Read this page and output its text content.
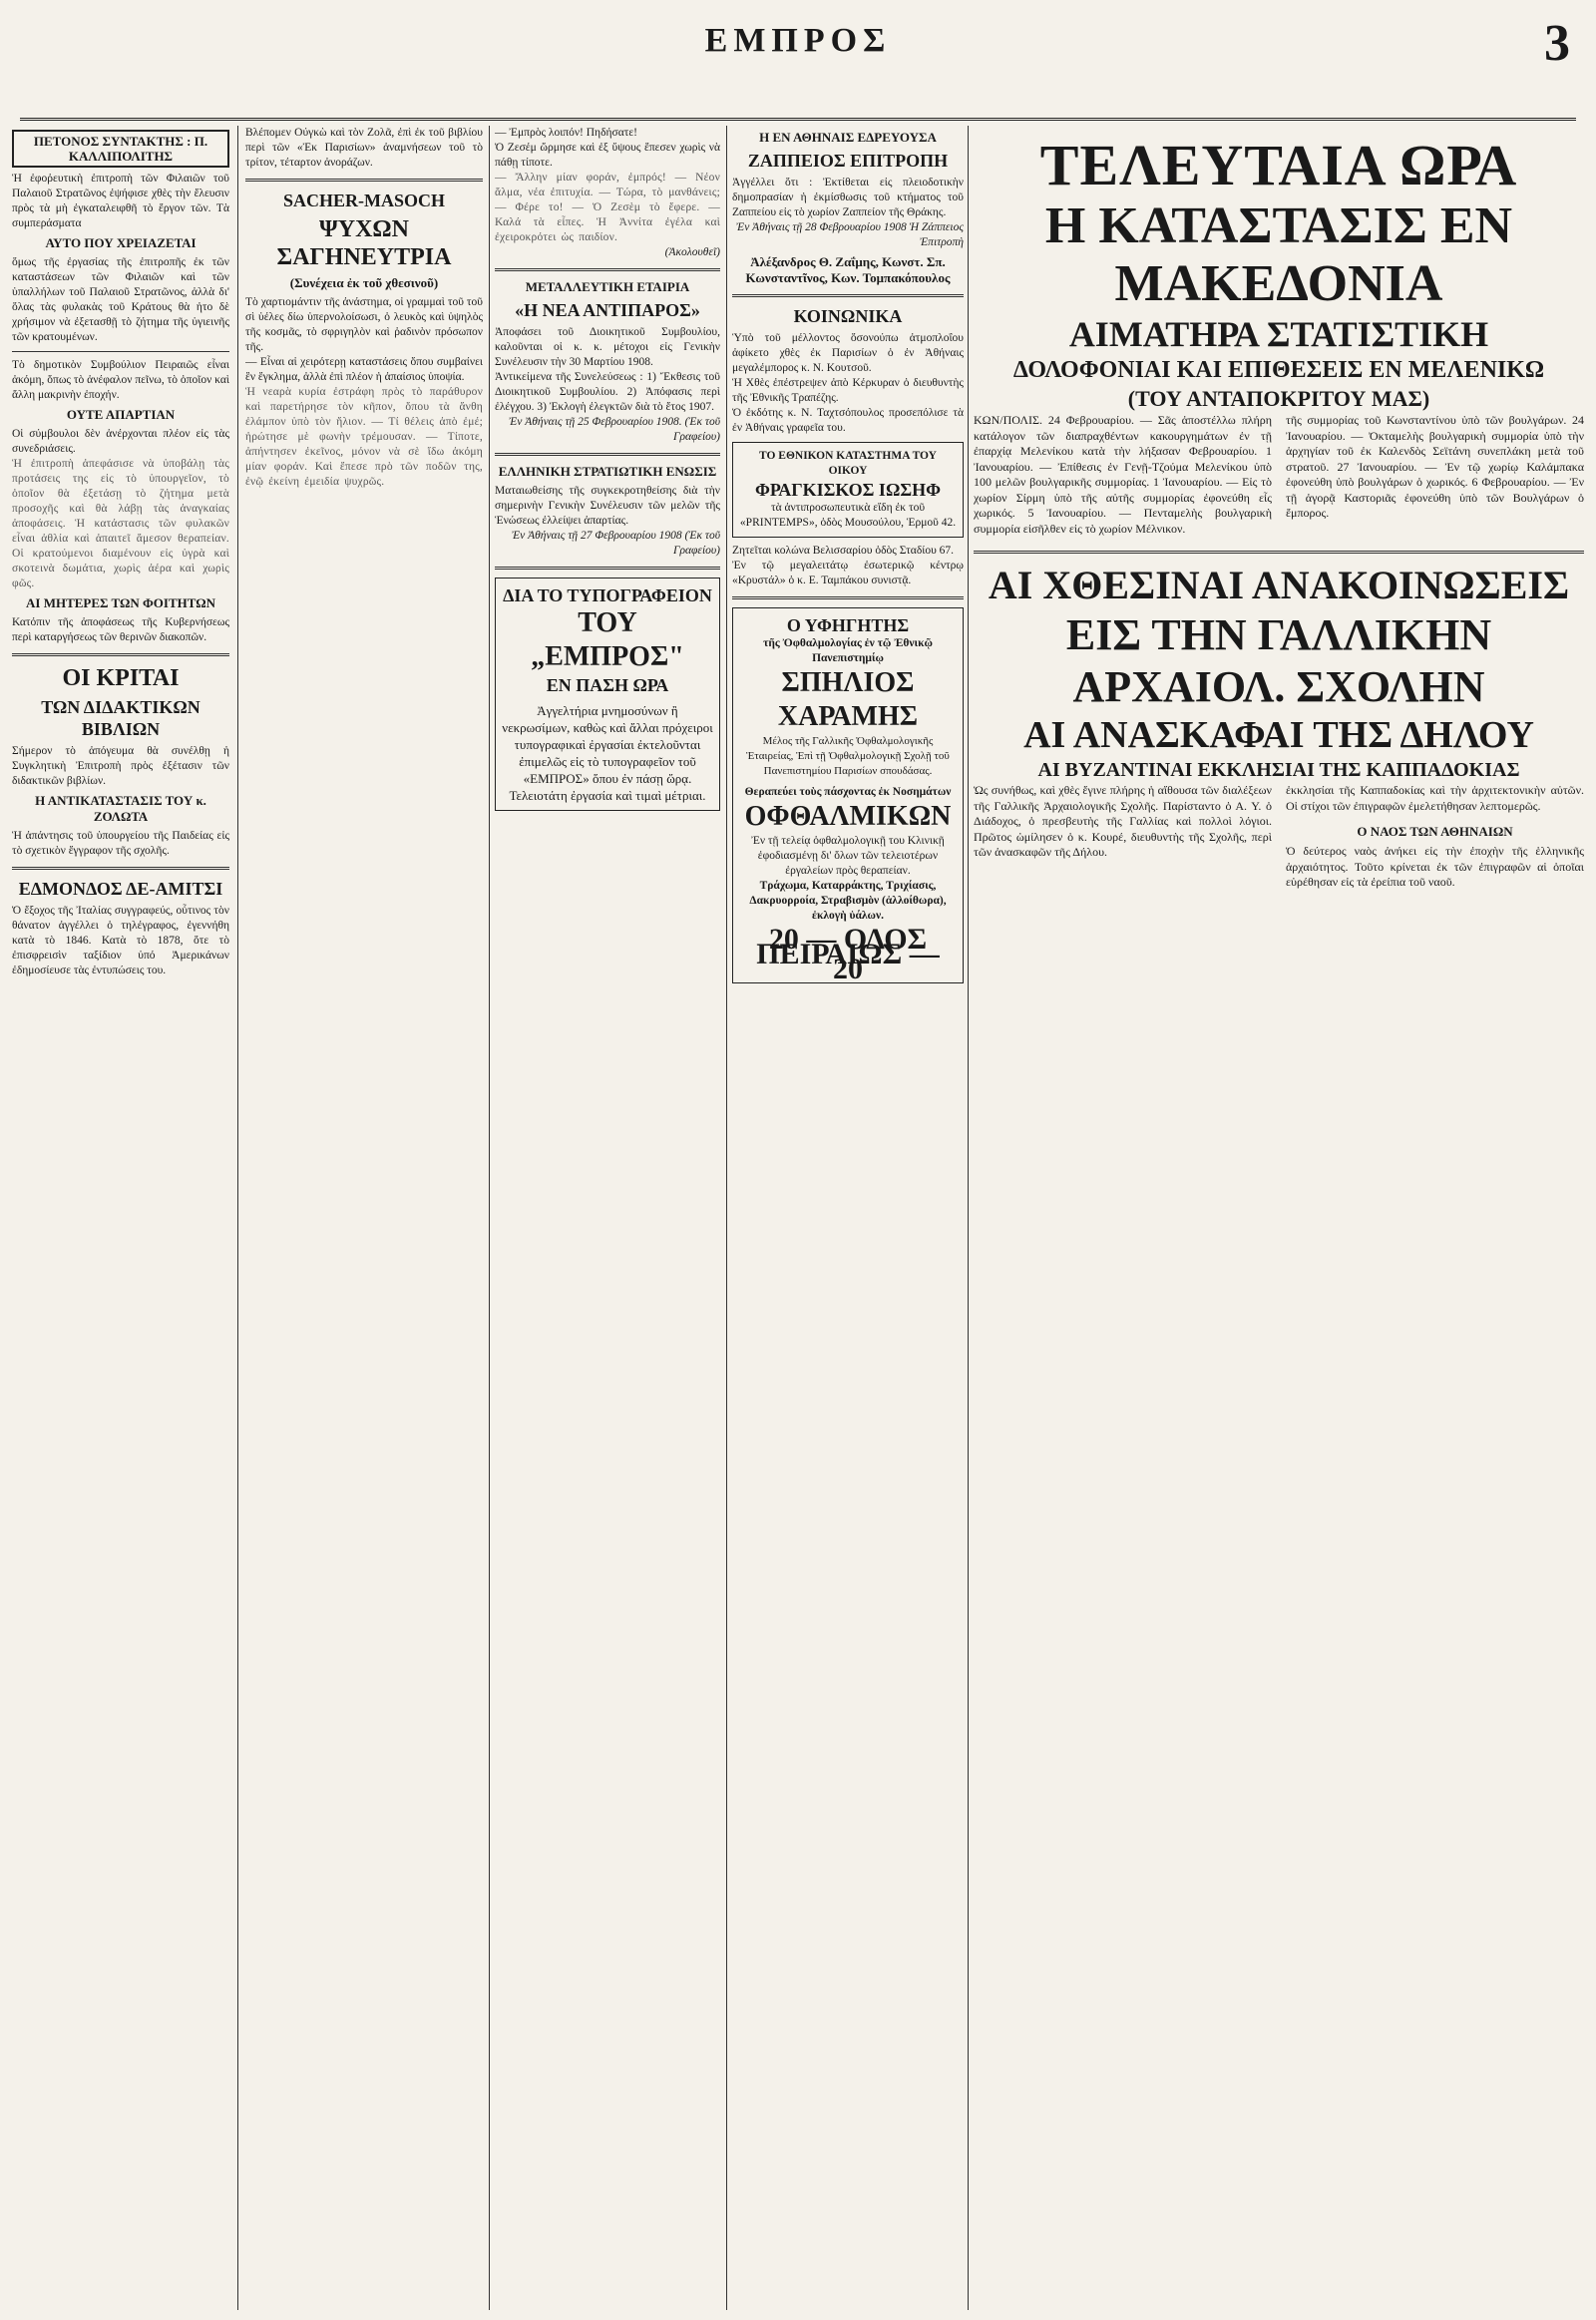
ΕΜΠΡΟΣ	3
ΠΕΤΟΝΟΣ ΣΥΝΤΑΚΤΗΣ : Π. ΚΑΛΛΙΠΟΛΙΤΗΣ
Ἡ ἐφοῤευτικὴ ἐπιτροπὴ τῶν Φιλαιῶν τοῦ Παλαιοῦ Στρατῶνος ἐψήφισε χθὲς τὴν ἔλευσιν πρὸς τὰ μὴ ἐγκαταλειφθῆ τὸ ἔργον τῶν. Τὰ συμπεράσματα
ΑΥΤΟ ΠΟΥ ΧΡΕΙΑΖΕΤΑΙ
ὅμως τῆς ἐργασίας τῆς ἐπιτροπῆς ἐκ τῶν καταστάσεων τῶν Φιλαιῶν καὶ τῶν ὑπαλλήλων τοῦ Παλαιοῦ Στρατῶνος, ἀλλὰ δι' ὅλας τὰς φυλακὰς τοῦ Κράτους θὰ ἠτο δὲ χρήσιμον νὰ ἐξετασθῇ τὸ ζήτημα τῆς ὑγιεινῆς τῶν κρατουμένων.
Τὸ δημοτικὸν Συμβούλιον Πειραιῶς εἶναι ἀκόμη, ὅπως τὸ ἀνέφαλον πεῖνω, τὸ ὁποῖον καὶ ἄλλη μακρινὴν ἐποχήν.
ΟΥΤΕ ΑΠΑΡΤΙΑΝ
Οἱ σύμβουλοι δὲν ἀνέρχονται πλέον εἰς τὰς συνεδριάσεις.
Ἡ ἐπιτροπὴ ἀπεφάσισε νὰ ὑποβάλῃ τὰς προτάσεις της εἰς τὸ ὑπουργεῖον, τὸ ὁποῖον θὰ ἐξετάσῃ τὸ ζήτημα μετὰ προσοχῆς καὶ θὰ λάβῃ τὰς ἀναγκαίας ἀποφάσεις. Ἡ κατάστασις τῶν φυλακῶν εἶναι ἀθλία καὶ ἀπαιτεῖ ἄμεσον θεραπείαν. Οἱ κρατούμενοι διαμένουν εἰς ὑγρὰ καὶ σκοτεινὰ δωμάτια, χωρὶς ἀέρα καὶ χωρὶς φῶς.
ΑΙ ΜΗΤΕΡΕΣ ΤΩΝ ΦΟΙΤΗΤΩΝ
Κατόπιν τῆς ἀποφάσεως τῆς Κυβερνήσεως περὶ καταργήσεως τῶν θερινῶν διακοπῶν.
ΟΙ ΚΡΙΤΑΙ
ΤΩΝ ΔΙΔΑΚΤΙΚΩΝ ΒΙΒΛΙΩΝ
Σήμερον τὸ ἀπόγευμα θὰ συνέλθῃ ἡ Συγκλητικὴ Ἐπιτροπὴ πρὸς ἐξέτασιν τῶν διδακτικῶν βιβλίων.
Η ΑΝΤΙΚΑΤΑΣΤΑΣΙΣ ΤΟΥ κ. ΖΟΛΩΤΑ
Ἡ ἀπάντησις τοῦ ὑπουργείου τῆς Παιδείας εἰς τὸ σχετικὸν ἔγγραφον τῆς σχολῆς.
ΕΔΜΟΝΔΟΣ ΔΕ-ΑΜΙΤΣΙ
Ὁ ἔξοχος τῆς Ἰταλίας συγγραφεύς, οὗτινος τὸν θάνατον ἀγγέλλει ὁ τηλέγραφος, ἐγεννήθη κατὰ τὸ 1846. Κατὰ τὸ 1878, ὅτε τὸ ἐπισφρεισὶν ταξίδιον ὑπό Ἀμερικάνων ἐδημοσίευσε τὰς ἐντυπώσεις του.
Βλέπομεν Ούγκὼ καὶ τὸν Ζολᾶ, ἐπὶ ἐκ τοῦ βιβλίου περὶ τῶν «Ἐκ Παρισίων» ἀναμνήσεων τοῦ τὸ τρίτον, τέταρτον ἀνοράζων.
SACHER-MASOCH
ΨΥΧΩΝ ΣΑΓΗΝΕΥΤΡΙΑ
(Συνέχεια ἐκ τοῦ χθεσινοῦ)
Τὸ χαρτιομάντιν τῆς ἀνάστημα, οἱ γραμμαὶ τοῦ τοῦ σὶ ὑέλες δίω ὑπερνολοίσωσι, ὁ λευκὸς καὶ ὑψηλὸς τῆς κοσμᾶς, τὸ σφριγηλὸν καὶ ῥαδινὸν πρόσωπον τῆς.
— Εἶναι αἱ χειρότερῃ καταστάσεις ὅπου συμβαίνει ἓν ἔγκλημα, ἀλλὰ ἐπὶ πλέον ἡ ἀπαίσιος ὑποψία.
Ἡ νεαρὰ κυρία ἐστράφη πρὸς τὸ παράθυρον καὶ παρετήρησε τὸν κῆπον, ὅπου τὰ ἄνθη ἐλάμπον ὑπὸ τὸν ἥλιον. — Τί θέλεις ἀπὸ ἐμέ; ἠρώτησε μὲ φωνὴν τρέμουσαν. — Τίποτε, ἀπήντησεν ἐκεῖνος, μόνον νὰ σὲ ἴδω ἀκόμη μίαν φοράν. Καὶ ἔπεσε πρὸ τῶν ποδῶν της, ἐνῷ ἐκείνη ἐμειδία ψυχρῶς.
— Ἐμπρὸς λοιπόν! Πηδήσατε!
Ὁ Ζεσέμ ὥρμησε καὶ ἐξ ὕψους ἔπεσεν χωρὶς νὰ πάθῃ τίποτε.
— Ἄλλην μίαν φοράν, ἐμπρός! — Νέον ἅλμα, νέα ἐπιτυχία. — Τώρα, τὸ μανθάνεις; — Φέρε το! — Ὁ Ζεσὲμ τὸ ἔφερε. — Καλά τὰ εἶπες. Ἡ Ἀννίτα ἐγέλα καὶ ἐχειροκρότει ὡς παιδίον.
(Ἀκολουθεῖ)
ΜΕΤΑΛΛΕΥΤΙΚΗ ΕΤΑΙΡΙΑ
«Η ΝΕΑ ΑΝΤΙΠΑΡΟΣ»
Ἀποφάσει τοῦ Διοικητικοῦ Συμβουλίου, καλοῦνται οἱ κ. κ. μέτοχοι εἰς Γενικὴν Συνέλευσιν τὴν 30 Μαρτίου 1908.
Ἀντικείμενα τῆς Συνελεύσεως : 1) Ἔκθεσις τοῦ Διοικητικοῦ Συμβουλίου. 2) Ἀπόφασις περὶ ἐλέγχου. 3) Ἐκλογὴ ἐλεγκτῶν διὰ τὸ ἔτος 1907.
Ἐν Ἀθήναις τῇ 25 Φεβρουαρίου 1908. (Ἐκ τοῦ Γραφείου)
ΕΛΛΗΝΙΚΗ ΣΤΡΑΤΙΩΤΙΚΗ ΕΝΩΣΙΣ
Ματαιωθείσης τῆς συγκεκροτηθείσης διὰ τὴν σημερινὴν Γενικὴν Συνέλευσιν τῶν μελῶν τῆς Ἑνώσεως ἐλλείψει ἀπαρτίας.
Ἐν Ἀθήναις τῇ 27 Φεβρουαρίου 1908 (Ἐκ τοῦ Γραφείου)
ΔΙΑ ΤΟ ΤΥΠΟΓΡΑΦΕΙΟΝ
ΤΟΥ „ΕΜΠΡΟΣ"
ΕΝ ΠΑΣΗ ΩΡΑ
Ἀγγελτήρια μνημοσύνων ἢ νεκρωσίμων, καθὼς καὶ ἄλλαι πρόχειροι τυπογραφικαὶ ἐργασίαι ἐκτελοῦνται ἐπιμελῶς εἰς τὸ τυπογραφεῖον τοῦ «ΕΜΠΡΟΣ» ὅπου ἐν πάσῃ ὥρᾳ. Τελειοτάτη ἐργασία καὶ τιμαὶ μέτριαι.
Η ΕΝ ΑΘΗΝΑΙΣ ΕΔΡΕΥΟΥΣΑ
ΖΑΠΠΕΙΟΣ ΕΠΙΤΡΟΠΗ
Ἀγγέλλει ὅτι : Ἐκτίθεται εἰς πλειοδοτικὴν δημοπρασίαν ἡ ἐκμίσθωσις τοῦ κτήματος τοῦ Ζαππείου εἰς τὸ χωρίον Ζαππείον τῆς Θράκης.
Ἐν Ἀθήναις τῇ 28 Φεβρουαρίου 1908 Ἡ Ζάππειος Ἐπιτροπὴ
Ἀλέξανδρος Θ. Ζαΐμης, Κωνστ. Σπ. Κωνσταντῖνος, Κων. Τομπακόπουλος
ΚΟΙΝΩΝΙΚΑ
Ὑπὸ τοῦ μέλλοντος ὅσονούπω ἀτμοπλοΐου ἀφίκετο χθὲς ἐκ Παρισίων ὁ ἐν Ἀθήναις μεγαλέμπορος κ. Ν. Κουτσοῦ.
Ἡ Χθὲς ἐπέστρεψεν ἀπὸ Κέρκυραν ὁ διευθυντὴς τῆς Ἐθνικῆς Τραπέζης.
Ὁ ἐκδότης κ. Ν. Ταχτσόπουλος προσεπόλισε τὰ ἐν Ἀθήναις γραφεῖα του.
ΤΟ ΕΘΝΙΚΟΝ ΚΑΤΑΣΤΗΜΑ ΤΟΥ ΟΙΚΟΥ
ΦΡΑΓΚΙΣΚΟΣ ΙΩΣΗΦ
τὰ ἀντιπροσωπευτικὰ εἴδη ἐκ τοῦ «PRINTEMPS», ὁδὸς Μουσούλου, Ἑρμοῦ 42.
Ζητεῖται κολώνα Βελισσαρίου ὁδὸς Σταδίου 67.
Ἐν τῷ μεγαλειτάτῳ ἐσωτερικῷ κέντρῳ «Κρυστάλ» ὁ κ. Ε. Ταμπάκου συνιστᾷ.
Ο ΥΦΗΓΗΤΗΣ
τῆς Ὀφθαλμολογίας ἐν τῷ Ἐθνικῷ Πανεπιστημίῳ
ΣΠΗΛΙΟΣ
ΧΑΡΑΜΗΣ
Μέλος τῆς Γαλλικῆς Ὀφθαλμολογικῆς Ἑταιρείας, Ἐπὶ τῇ Ὀφθαλμολογικῇ Σχολῇ τοῦ Πανεπιστημίου Παρισίων σπουδάσας.
Θεραπεύει τοὺς πάσχοντας ἐκ Νοσημάτων
ΟΦΘΑΛΜΙΚΩΝ
Ἐν τῇ τελείᾳ ὀφθαλμολογικῇ του Κλινικῇ ἐφοδιασμένῃ δι' ὅλων τῶν τελειοτέρων ἐργαλείων πρὸς θεραπείαν.
Τράχωμα, Καταρράκτης, Τριχίασις, Δακρυορροία, Στραβισμὸν (ἀλλοίθωρα), ἐκλογὴ ὑάλων.
20 — ΟΔΟΣ ΠΕΙΡΑΙΩΣ — 20
ΤΕΛΕΥΤΑΙΑ ΩΡΑ
Η ΚΑΤΑΣΤΑΣΙΣ ΕΝ ΜΑΚΕΔΟΝΙΑ
ΑΙΜΑΤΗΡΑ ΣΤΑΤΙΣΤΙΚΗ
ΔΟΛΟΦΟΝΙΑΙ ΚΑΙ ΕΠΙΘΕΣΕΙΣ ΕΝ ΜΕΛΕΝΙΚΩ
(ΤΟΥ ΑΝΤΑΠΟΚΡΙΤΟΥ ΜΑΣ)
ΚΩΝ/ΠΟΛΙΣ. 24 Φεβρουαρίου. — Σᾶς ἀποστέλλω πλήρη κατάλογον τῶν διαπραχθέντων κακουργημάτων ἐν τῇ ἐπαρχίᾳ Μελενίκου κατὰ τὴν λήξασαν Φεβρουαρίου. 1 Ἰανουαρίου. — Ἐπίθεσις ἐν Γενῇ-Τζούμα Μελενίκου ὑπὸ 100 μελῶν βουλγαρικῆς συμμορίας. 1 Ἰανουαρίου. — Εἰς τὸ χωρίον Σίρμη ὑπὸ τῆς αὐτῆς συμμορίας ἐφονεύθη εἷς χωρικός. 5 Ἰανουαρίου. — Πενταμελὴς βουλγαρικὴ συμμορία εἰσῆλθεν εἰς τὸ χωρίον Μέλνικον.
τῆς συμμορίας τοῦ Κωνσταντίνου ὑπὸ τῶν βουλγάρων. 24 Ἰανουαρίου. — Ὀκταμελὴς βουλγαρικὴ συμμορία ὑπὸ τὴν ἀρχηγίαν τοῦ ἐκ Καλενδὸς Σεϊτάνη συνεπλάκη μετὰ τοῦ στρατοῦ. 27 Ἰανουαρίου. — Ἐν τῷ χωρίῳ Καλάμπακα ἐφονεύθη ὑπὸ βουλγάρων ὁ χωρικός. 6 Φεβρουαρίου. — Ἐν τῇ ἀγορᾷ Καστοριᾶς ἐφονεύθη ὑπὸ τῶν Βουλγάρων ὁ ἔμπορος.
ΑΙ ΧΘΕΣΙΝΑΙ ΑΝΑΚΟΙΝΩΣΕΙΣ
ΕΙΣ ΤΗΝ ΓΑΛΛΙΚΗΝ ΑΡΧΑΙΟΛ. ΣΧΟΛΗΝ
ΑΙ ΑΝΑΣΚΑΦΑΙ ΤΗΣ ΔΗΛΟΥ
ΑΙ ΒΥΖΑΝΤΙΝΑΙ ΕΚΚΛΗΣΙΑΙ ΤΗΣ ΚΑΠΠΑΔΟΚΙΑΣ
Ὡς συνήθως, καὶ χθὲς ἔγινε πλήρης ἡ αἴθουσα τῶν διαλέξεων τῆς Γαλλικῆς Ἀρχαιολογικῆς Σχολῆς. Παρίσταντο ὁ Α. Υ. ὁ Διάδοχος, ὁ πρεσβευτὴς τῆς Γαλλίας καὶ πολλοὶ λόγιοι. Πρῶτος ὡμίλησεν ὁ κ. Κουρέ, διευθυντὴς τῆς Σχολῆς, περὶ τῶν ἀνασκαφῶν τῆς Δήλου.
ἐκκλησίαι τῆς Καππαδοκίας καὶ τὴν ἀρχιτεκτονικὴν αὐτῶν. Οἱ στίχοι τῶν ἐπιγραφῶν ἐμελετήθησαν λεπτομερῶς.
Ο ΝΑΟΣ ΤΩΝ ΑΘΗΝΑΙΩΝ
Ὁ δεύτερος ναὸς ἀνήκει εἰς τὴν ἐποχὴν τῆς ἑλληνικῆς ἀρχαιότητος. Τοῦτο κρίνεται ἐκ τῶν ἐπιγραφῶν αἱ ὁποῖαι εὑρέθησαν εἰς τὰ ἐρείπια τοῦ ναοῦ.
